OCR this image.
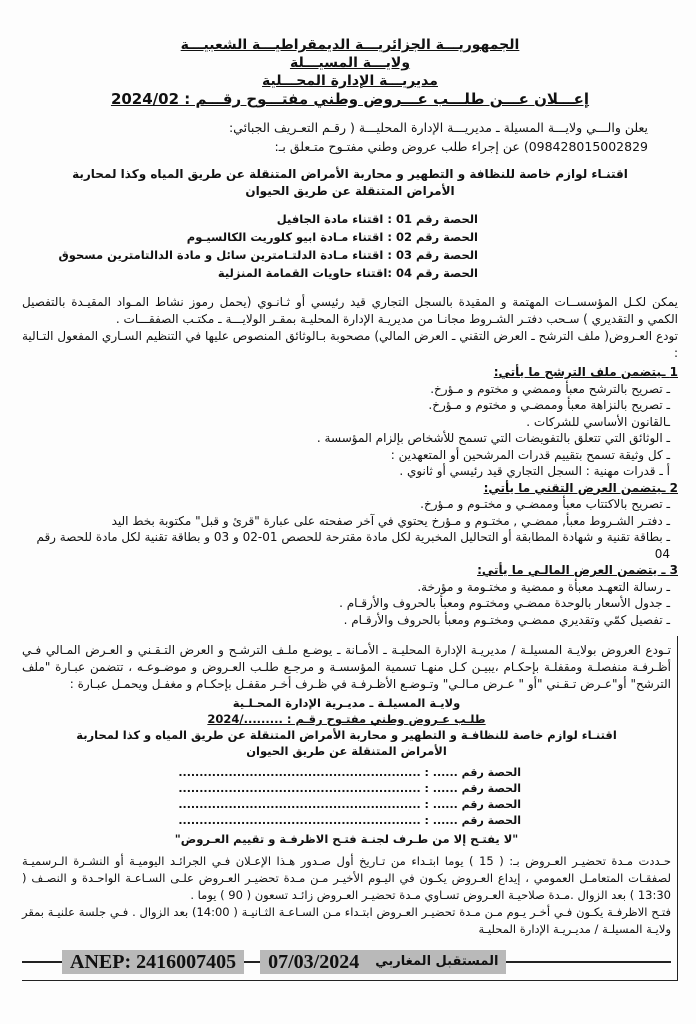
الجمهوريـــة الجزائريـــة الديمقراطيـــة الشعبيـــة
ولايـــة المسيـــلة
مديريـــة الإدارة المحـــلية
إعـــلان عـــن طلـــب عـــروض وطني مفتـــوح رقـــم : 2024/02
يعلن والـــي ولايـــة المسيلة ـ مديريـــة الإدارة المحليـــة ( رقـم التعـريف الجبائي:
098428015002829) عن إجراء طلب عروض وطني مفتـوح متـعلق بـ:
اقتنـاء لوازم خاصة للنظافة و التطهير و محاربة الأمراض المتنقلة عن طريق المياه وكذا لمحاربة
الأمراض المتنقلة عن طريق الحيوان
الحصة رقم 01 : اقتناء مادة الجافيل
الحصة رقم 02 : اقتناء مـادة ابيو كلوريت الكالسيـوم
الحصة رقم 03 : اقتناء مـادة الدلتـامترين سائل و مادة الدالتامترين مسحوق
الحصة رقم 04 :اقتناء حاويات القمامة المنزلية
يمكن لكـل المؤسســات المهتمة و المقيدة بالسجل التجاري قيد رئيسي أو ثـانـوي (يحمل رموز نشاط المـواد المقيـدة بالتفصيل الكمي و التقديري ) سـحب دفتـر الشـروط مجانـا من مديريـة الإدارة المحليـة بمقـر الولايـــة ـ مكتـب الصفقـــات .
تودع العـروض( ملف الترشح ـ العرض التقني ـ العرض المالي) مصحوبة بـالوثائق المنصوص عليها في التنظيم السـاري المفعول التـالية :
1 ـيتضمن ملف الترشح ما يأتي:
ـ تصريح بالترشح معبأ وممضي و مختوم و مـؤرخ.
ـ تصريح بالنزاهة معبأ وممضـي و مختوم و مـؤرخ.
ـالقانون الأساسي للشركات .
ـ الوثائق التي تتعلق بالتفويضات التي تسمح للأشخاص بإلزام المؤسسة .
ـ كل وثيقة تسمح بتقييم قدرات المرشحين أو المتعهدين :
أ ـ قدرات مهنية : السجل التجاري قيد رئيسي أو ثانوي .
2 ـيتضمن العرض التقني ما يأتي:
ـ تصريح بالاكتتاب معبأ وممضـي و مختـوم و مـؤرخ.
ـ دفتـر الشـروط معبأ, ممضـي , مختـوم و مـؤرخ يحتوي في آخر صفحته على عبارة "قرئ و قبل" مكتوبة بخط اليد
ـ بطاقة تقنية و شهادة المطابقة أو التحاليل المخبرية لكل مادة مقترحة للحصص 01-02 و 03 و بطاقة تقنية لكل مادة للحصة رقم 04
3 ـ يتضمن العرض المالـي ما يأتي:
ـ رسالة التعهـد معبأة و ممضية و مختـومة و مؤرخة.
ـ جدول الأسعار بالوحدة ممضـي ومختـوم ومعبأ بالحروف والأرقـام .
ـ تفصيل كمّي وتقديري ممضـي ومختـوم ومعبأ بالحروف والأرقـام .
تـودع العروض بولايـة المسيلـة / مديريـة الإدارة المحليـة ـ الأمـانة ـ يوضـع ملـف الترشـح و العرض التـقـني و العـرض المـالي فـي أظـرفـة منفصلـة ومقفلـة بإحكـام ،يبيـن كـل منهـا تسمية المؤسسـة و مرجـع طلـب العـروض و موضـوعـه ، تتضمن عبـارة "ملف الترشح" أو"عـرض تـقـني "أو " عـرض مـالـي" وتـوضـع الأظـرفـة في ظـرف أخـر مقفـل بإحكـام و مغفـل ويحمـل عبـارة :
ولايـة المسيلـة ـ مديـرية الإدارة المحـلـية
طلـب عـروض وطني مفتـوح رقـم : ........./2024
اقتنـاء لوازم خاصة للنظافـة و التطهير و محاربة الأمراض المتنقلة عن طريق المياه و كذا لمحاربة
الأمراض المتنقلة عن طريق الحيوان
الحصة رقم ...... : ..........................................................
الحصة رقم ...... : ..........................................................
الحصة رقم ...... : ..........................................................
الحصة رقم ...... : ..........................................................
"لا يفتـح إلا من طـرف لجنـة فتـح الاظرفـة و تقييم العـروض"
حـددت مـدة تحضيـر العـروض بـ: ( 15 ) يوما ابتـداء من تـاريخ أول صـدور هـذا الإعـلان فـي الجرائـد اليوميـة أو النشـرة الـرسميـة لصفقـات المتعامـل العمومي ، إيداع العـروض يكـون في اليـوم الأخيـر مـن مـدة تحضيـر العـروض علـى السـاعـة الواحـدة و النصـف ( 13:30 ) بعد الزوال .مـدة صلاحيـة العـروض تسـاوي مـدة تحضيـر العـروض زائـد تسعون ( 90 ) يوما .
فتـح الاظرفـة يكـون فـي أخـر يـوم مـن مـدة تحضيـر العـروض ابتـداء مـن السـاعـة الثـانيـة ( 14:00) بعد الزوال . فـي جلسة علنيـة بمقر ولايـة المسيلـة / مديـريـة الإدارة المحليـة
ANEP: 2416007405	07/03/2024	المستقبل المغاربي
